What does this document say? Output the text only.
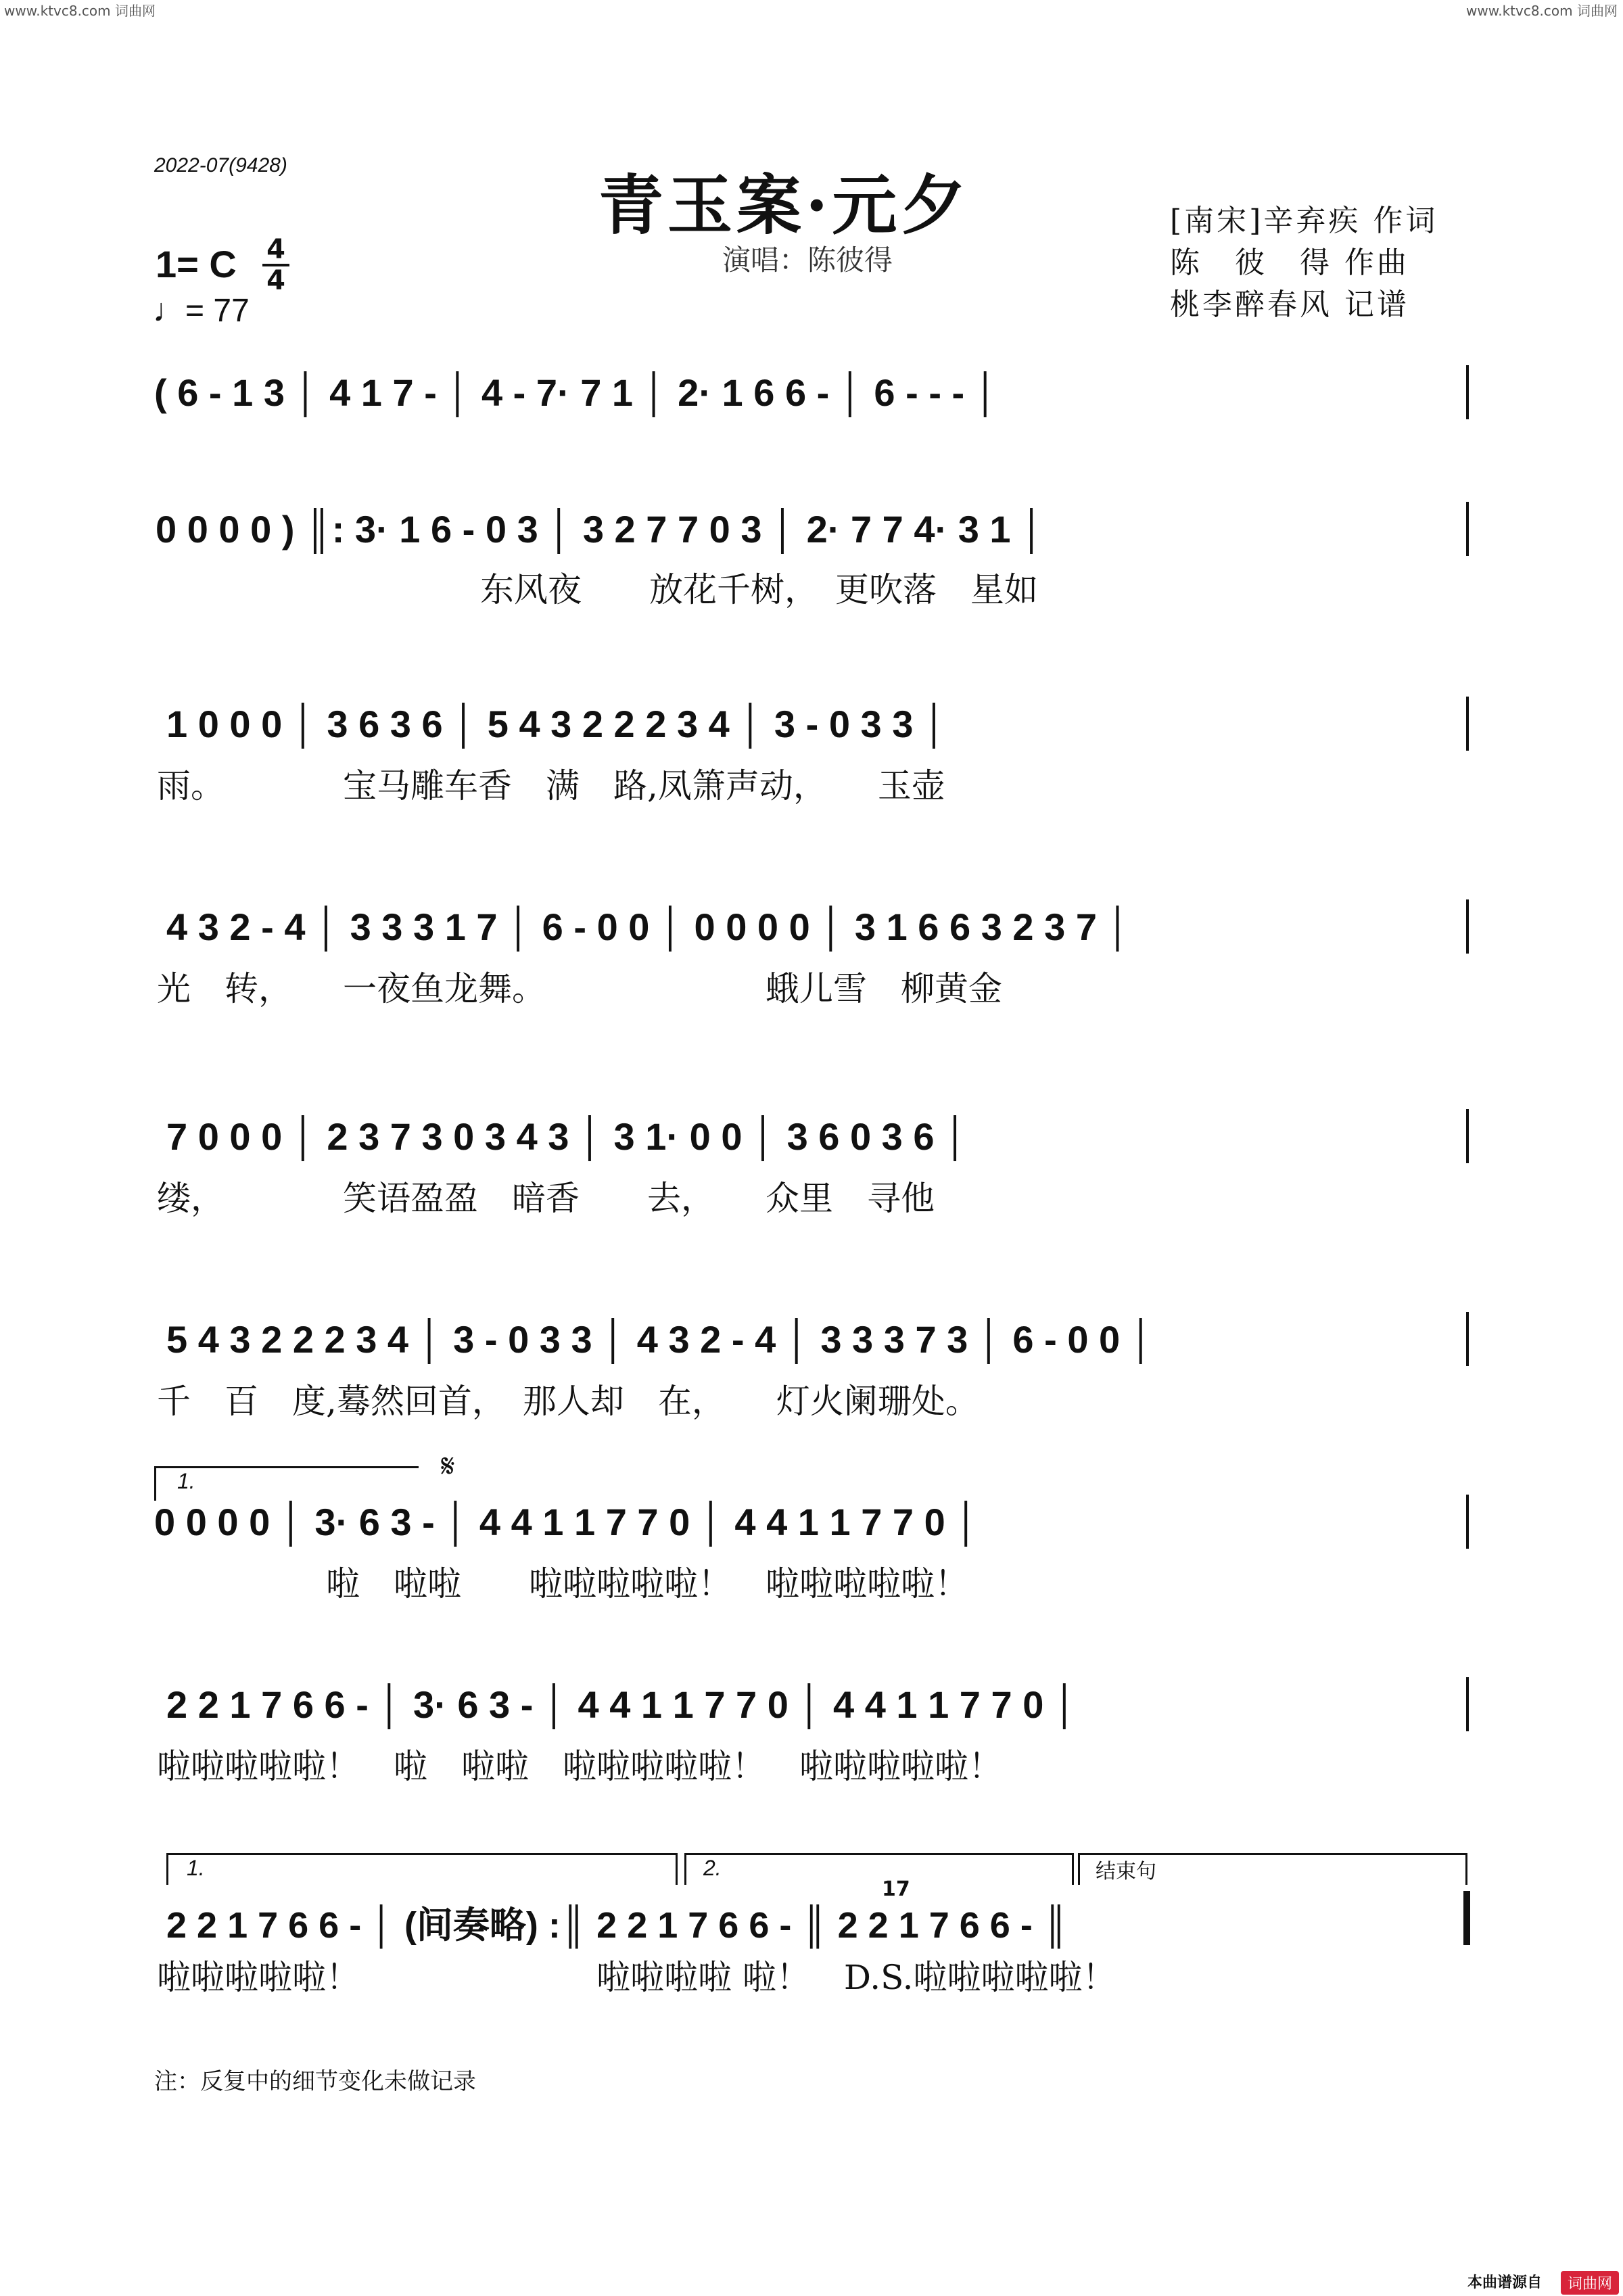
www.ktvc8.com 词曲网	www.ktvc8.com 词曲网
2022-07(9428)
青玉案·元夕
演唱：陈彼得
[南宋]辛弃疾 作词
陈　彼　得 作曲
桃李醉春风 记谱
1= C 4
4
♩= 77
( 6 - 1 3 │ 4 1 7 - │ 4 - 7· 7 1 │ 2· 1 6 6 - │ 6 - - - │
0 0 0 0 ) ║: 3· 1 6 - 0 3 │ 3 2 7 7 0 3 │ 2· 7 7 4· 3 1 │
东风夜　　放花千树，　更吹落　星如
1 0 0 0 │ 3 6 3 6 │ 5 4 3 2 2 2 3 4 │ 3 - 0 3 3 │
雨。　　　　宝马雕车香　满　路,凤箫声动，　　玉壶
4 3 2 - 4 │ 3 3 3 1 7 │ 6 - 0 0 │ 0 0 0 0 │ 3 1 6 6 3 2 3 7 │
光　转，　　一夜鱼龙舞。　　　　　　　蛾儿雪　柳黄金
7 0 0 0 │ 2 3 7 3 0 3 4 3 │ 3 1· 0 0 │ 3 6 0 3 6 │
缕，　　　　笑语盈盈　暗香　　去，　　众里　寻他
5 4 3 2 2 2 3 4 │ 3 - 0 3 3 │ 4 3 2 - 4 │ 3 3 3 7 3 │ 6 - 0 0 │
千　百　度,蓦然回首，　那人却　在，　　灯火阑珊处。
1.	𝄋
0 0 0 0 │ 3· 6 3 - │ 4 4 1 1 7 7 0 │ 4 4 1 1 7 7 0 │
　　　　　啦　啦啦　　啦啦啦啦啦！　啦啦啦啦啦！
2 2 1 7 6 6 - │ 3· 6 3 - │ 4 4 1 1 7 7 0 │ 4 4 1 1 7 7 0 │
啦啦啦啦啦！　啦　啦啦　啦啦啦啦啦！　啦啦啦啦啦！
1.	2.	结束句
17
2 2 1 7 6 6 - │ (间奏略) :║ 2 2 1 7 6 6 - ║ 2 2 1 7 6 6 - ║
啦啦啦啦啦！　　　　　　　啦啦啦啦 啦！　D.S.啦啦啦啦啦！
注：反复中的细节变化未做记录
本曲谱源自	词曲网
